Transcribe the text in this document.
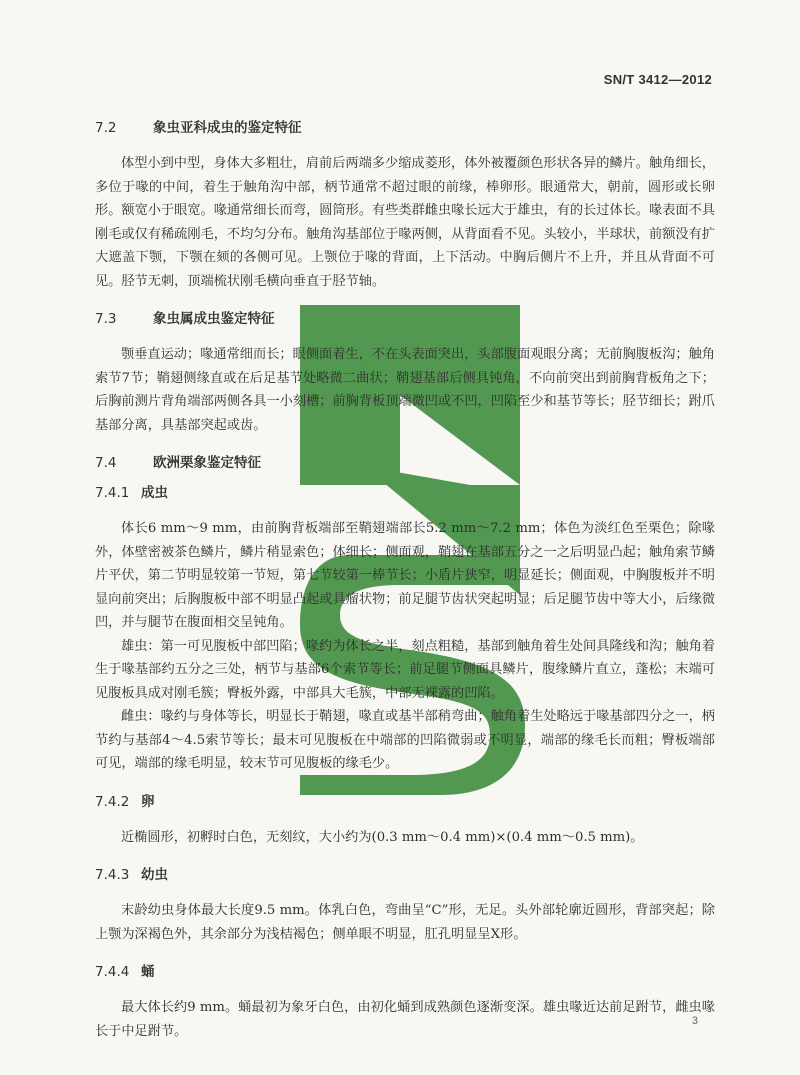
SN/T 3412—2012
7.2	象虫亚科成虫的鉴定特征

体型小到中型，身体大多粗壮，肩前后两端多少缩成菱形，体外被覆颜色形状各异的鳞片。触角细长，多位于喙的中间，着生于触角沟中部，柄节通常不超过眼的前缘，棒卵形。眼通常大，朝前，圆形或长卵形。额宽小于眼宽。喙通常细长而弯，圆筒形。有些类群雌虫喙长远大于雄虫，有的长过体长。喙表面不具刚毛或仅有稀疏刚毛，不均匀分布。触角沟基部位于喙两侧，从背面看不见。头较小，半球状，前额没有扩大遮盖下颚，下颚在颏的各侧可见。上颚位于喙的背面，上下活动。中胸后侧片不上升，并且从背面不可见。胫节无刺，顶端梳状刚毛横向垂直于胫节轴。

7.3	象虫属成虫鉴定特征

颚垂直运动；喙通常细而长；眼侧面着生，不在头表面突出，头部腹面观眼分离；无前胸腹板沟；触角索节7节；鞘翅侧缘直或在后足基节处略微二曲状；鞘翅基部后侧具钝角，不向前突出到前胸背板角之下；后胸前测片背角端部两侧各具一小刻槽；前胸背板顶端微凹或不凹，凹陷至少和基节等长；胫节细长；跗爪基部分离，具基部突起或齿。

7.4	欧洲栗象鉴定特征
7.4.1 成虫

体长6 mm～9 mm，由前胸背板端部至鞘翅端部长5.2 mm～7.2 mm；体色为淡红色至栗色；除喙外，体壁密被茶色鳞片，鳞片稍显索色；体细长；侧面观，鞘翅在基部五分之一之后明显凸起；触角索节鳞片平伏，第二节明显较第一节短，第七节较第一棒节长；小盾片狭窄，明显延长；侧面观，中胸腹板并不明显向前突出；后胸腹板中部不明显凸起或具瘤状物；前足腿节齿状突起明显；后足腿节齿中等大小，后缘微凹，并与腿节在腹面相交呈钝角。

雄虫：第一可见腹板中部凹陷；喙约为体长之半，刻点粗糙，基部到触角着生处间具隆线和沟；触角着生于喙基部约五分之三处，柄节与基部6个索节等长；前足腿节侧面具鳞片，腹缘鳞片直立，蓬松；末端可见腹板具成对刚毛簇；臀板外露，中部具大毛簇，中部无裸露的凹陷。

雌虫：喙约与身体等长，明显长于鞘翅，喙直或基半部稍弯曲；触角着生处略远于喙基部四分之一，柄节约与基部4～4.5索节等长；最末可见腹板在中端部的凹陷微弱或不明显，端部的缘毛长而粗；臀板端部可见，端部的缘毛明显，较末节可见腹板的缘毛少。

7.4.2 卵

近椭圆形，初孵时白色，无刻纹，大小约为(0.3 mm～0.4 mm)×(0.4 mm～0.5 mm)。

7.4.3 幼虫

末龄幼虫身体最大长度9.5 mm。体乳白色，弯曲呈“C”形，无足。头外部轮廓近圆形，背部突起；除上颚为深褐色外，其余部分为浅桔褐色；侧单眼不明显，肛孔明显呈X形。

7.4.4 蛹

最大体长约9 mm。蛹最初为象牙白色，由初化蛹到成熟颜色逐渐变深。雄虫喙近达前足跗节，雌虫喙长于中足跗节。

3
